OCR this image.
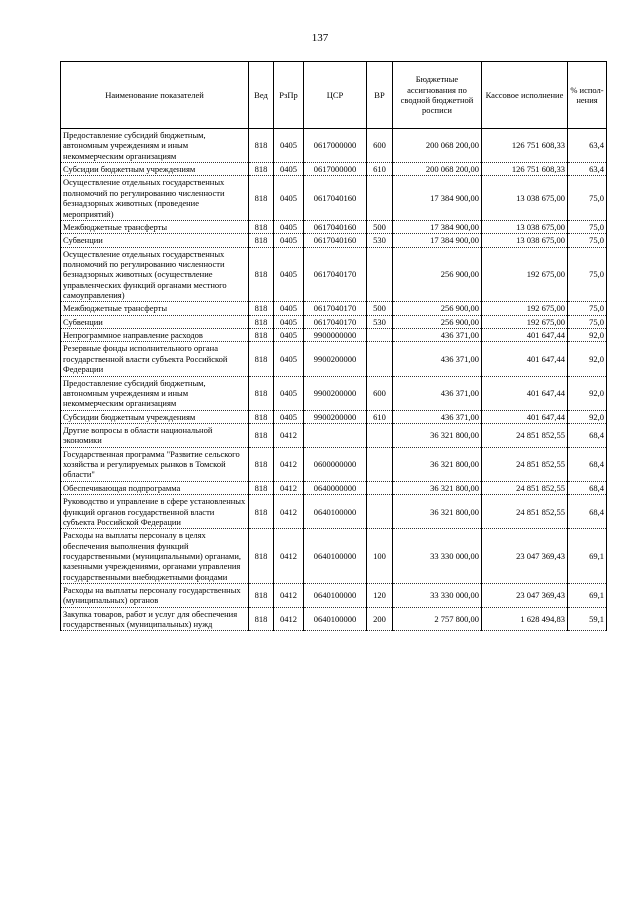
137
Наименование показателей	Вед	РзПр	ЦСР	ВР	Бюджетные ассигнования по сводной бюджетной росписи	Кассовое исполнение	% испол-нения
Предоставление субсидий бюджетным, автономным учреждениям и иным некоммерческим организациям	818	0405	0617000000	600	200 068 200,00	126 751 608,33	63,4
Субсидии бюджетным учреждениям	818	0405	0617000000	610	200 068 200,00	126 751 608,33	63,4
Осуществление отдельных государственных полномочий по регулированию численности безнадзорных животных (проведение мероприятий)	818	0405	0617040160		17 384 900,00	13 038 675,00	75,0
Межбюджетные трансферты	818	0405	0617040160	500	17 384 900,00	13 038 675,00	75,0
Субвенции	818	0405	0617040160	530	17 384 900,00	13 038 675,00	75,0
Осуществление отдельных государственных полномочий по регулированию численности безнадзорных животных (осуществление управленческих функций органами местного самоуправления)	818	0405	0617040170		256 900,00	192 675,00	75,0
Межбюджетные трансферты	818	0405	0617040170	500	256 900,00	192 675,00	75,0
Субвенции	818	0405	0617040170	530	256 900,00	192 675,00	75,0
Непрограммное направление расходов	818	0405	9900000000		436 371,00	401 647,44	92,0
Резервные фонды исполнительного органа государственной власти субъекта Российской Федерации	818	0405	9900200000		436 371,00	401 647,44	92,0
Предоставление субсидий бюджетным, автономным учреждениям и иным некоммерческим организациям	818	0405	9900200000	600	436 371,00	401 647,44	92,0
Субсидии бюджетным учреждениям	818	0405	9900200000	610	436 371,00	401 647,44	92,0
Другие вопросы в области национальной экономики	818	0412			36 321 800,00	24 851 852,55	68,4
Государственная программа "Развитие сельского хозяйства и регулируемых рынков в Томской области"	818	0412	0600000000		36 321 800,00	24 851 852,55	68,4
Обеспечивающая подпрограмма	818	0412	0640000000		36 321 800,00	24 851 852,55	68,4
Руководство и управление в сфере установленных функций органов государственной власти субъекта Российской Федерации	818	0412	0640100000		36 321 800,00	24 851 852,55	68,4
Расходы на выплаты персоналу в целях обеспечения выполнения функций государственными (муниципальными) органами, казенными учреждениями, органами управления государственными внебюджетными фондами	818	0412	0640100000	100	33 330 000,00	23 047 369,43	69,1
Расходы на выплаты персоналу государственных (муниципальных) органов	818	0412	0640100000	120	33 330 000,00	23 047 369,43	69,1
Закупка товаров, работ и услуг для обеспечения государственных (муниципальных) нужд	818	0412	0640100000	200	2 757 800,00	1 628 494,83	59,1
